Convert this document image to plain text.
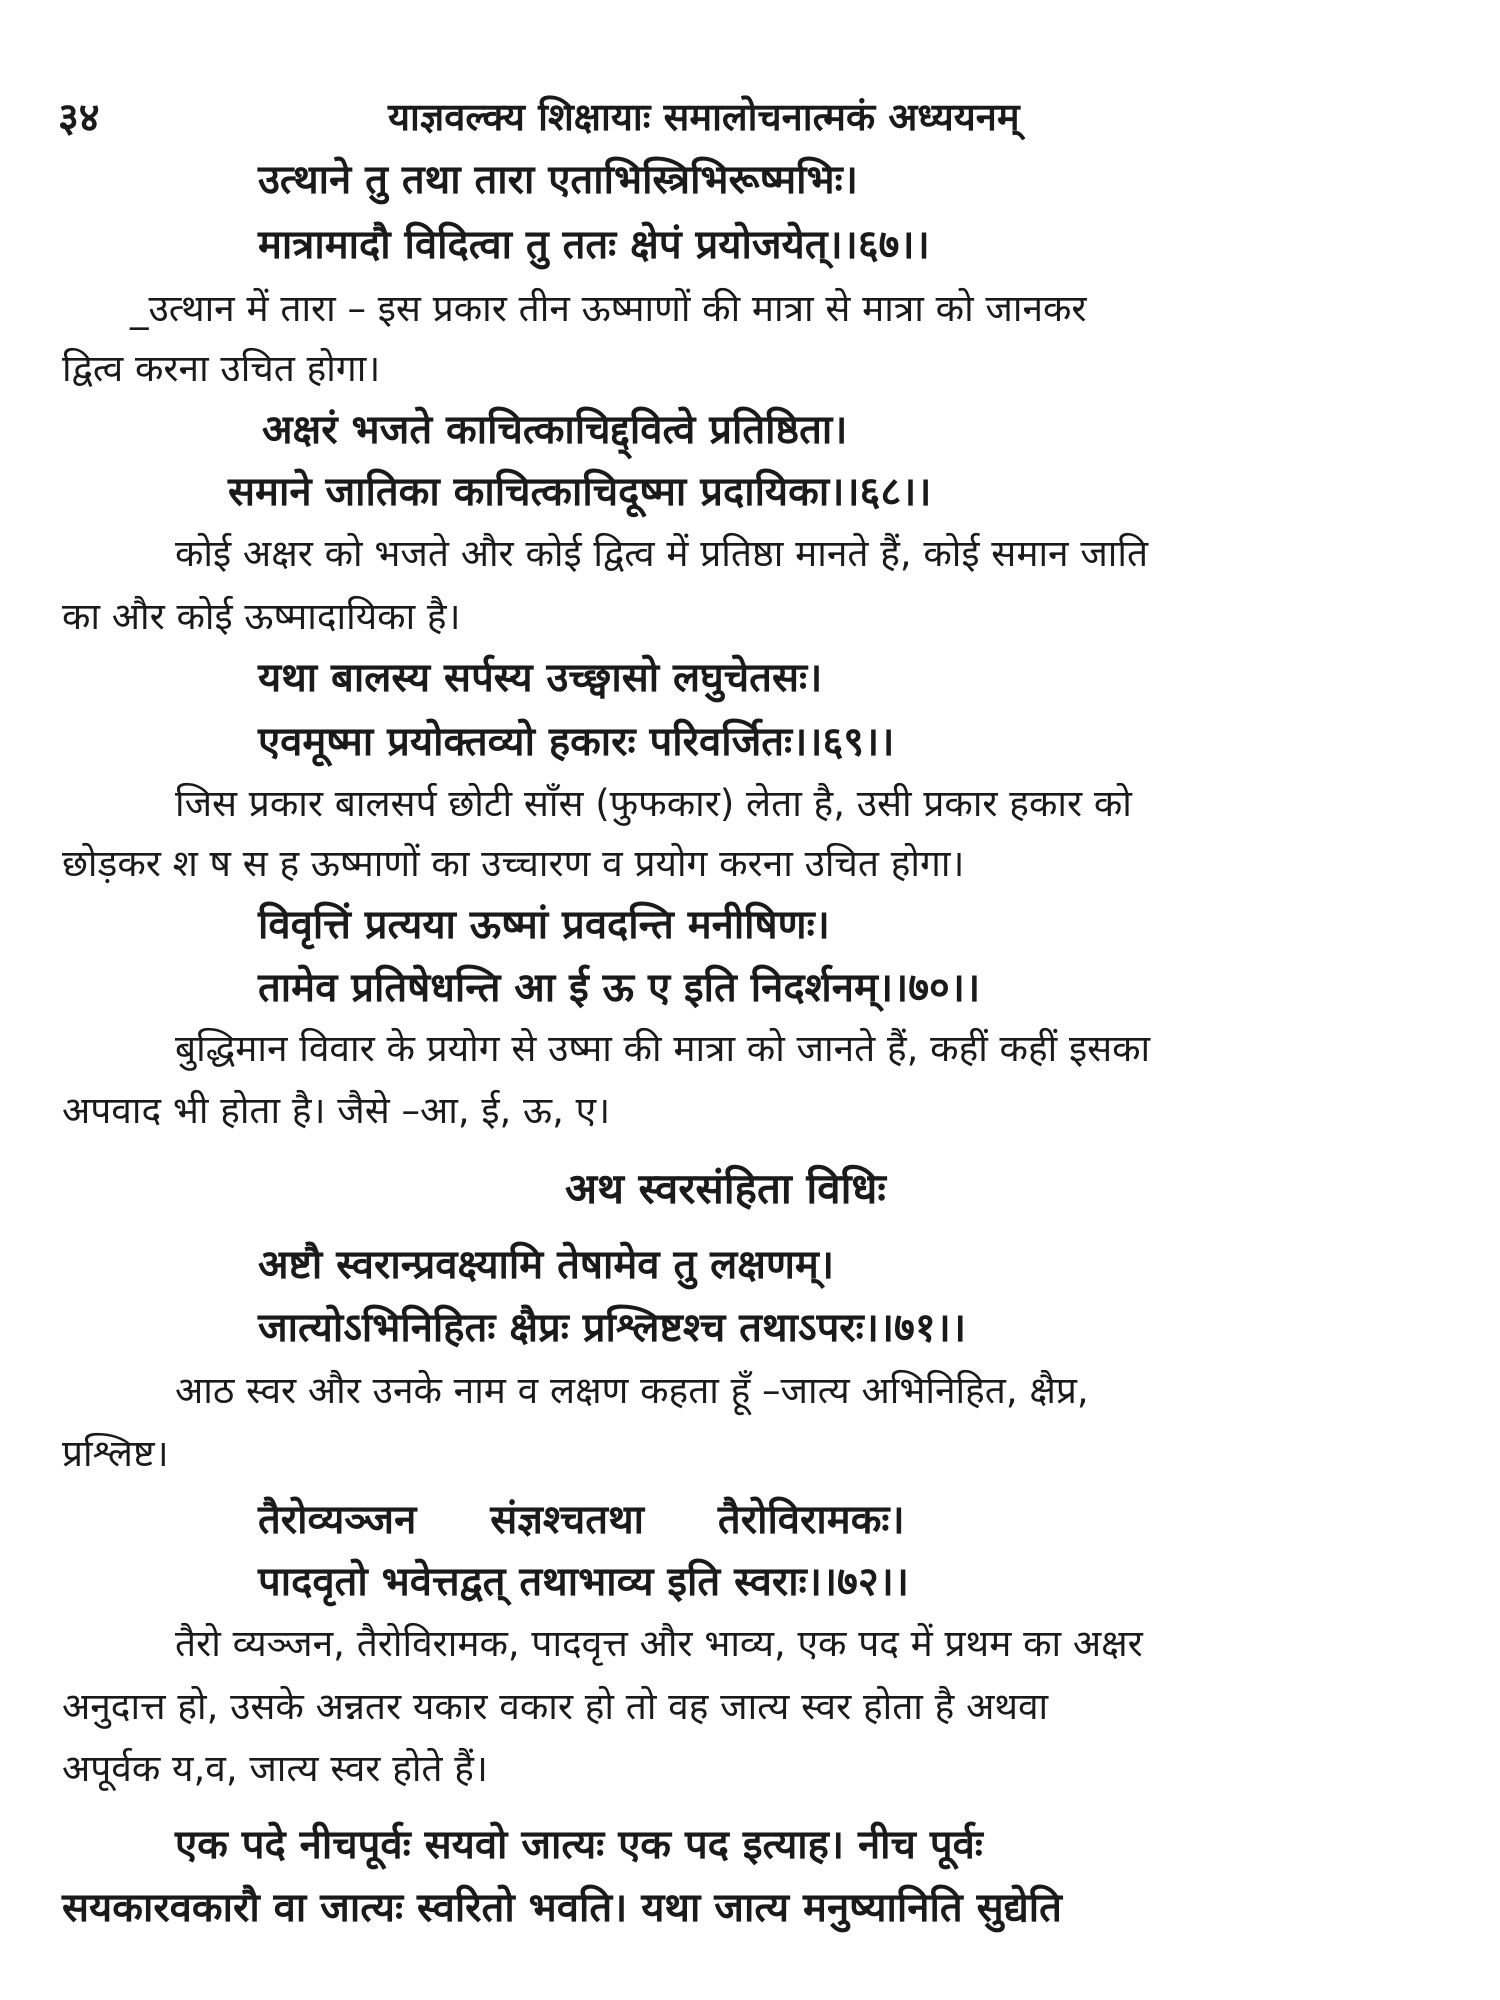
३४	याज्ञवल्क्य शिक्षायाः समालोचनात्मकं अध्ययनम्
उत्थाने तु तथा तारा एताभिस्त्रिभिरूष्मभिः।
मात्रामादौ विदित्वा तु ततः क्षेपं प्रयोजयेत्।।६७।।
_उत्थान में तारा – इस प्रकार तीन ऊष्माणों की मात्रा से मात्रा को जानकर
द्वित्व करना उचित होगा।
अक्षरं भजते काचित्काचिद्द्वित्वे प्रतिष्ठिता।
समाने जातिका काचित्काचिदूष्मा प्रदायिका।।६८।।
कोई अक्षर को भजते और कोई द्वित्व में प्रतिष्ठा मानते हैं, कोई समान जाति
का और कोई ऊष्मादायिका है।
यथा बालस्य सर्पस्य उच्छ्वासो लघुचेतसः।
एवमूष्मा प्रयोक्तव्यो हकारः परिवर्जितः।।६९।।
जिस प्रकार बालसर्प छोटी साँस (फुफकार) लेता है, उसी प्रकार हकार को
छोड़कर श ष स ह ऊष्माणों का उच्चारण व प्रयोग करना उचित होगा।
विवृत्तिं प्रत्यया ऊष्मां प्रवदन्ति मनीषिणः।
तामेव प्रतिषेधन्ति आ ई ऊ ए इति निदर्शनम्।।७०।।
बुद्धिमान विवार के प्रयोग से उष्मा की मात्रा को जानते हैं, कहीं कहीं इसका
अपवाद भी होता है। जैसे –आ, ई, ऊ, ए।
अथ स्वरसंहिता विधिः
अष्टौ स्वरान्प्रवक्ष्यामि तेषामेव तु लक्षणम्।
जात्योऽभिनिहितः क्षैप्रः प्रश्लिष्टश्च तथाऽपरः।।७१।।
आठ स्वर और उनके नाम व लक्षण कहता हूँ –जात्य अभिनिहित, क्षैप्र,
प्रश्लिष्ट।
तैरोव्यञ्जन संज्ञश्चतथा तैरोविरामकः।
पादवृतो भवेत्तद्वत् तथाभाव्य इति स्वराः।।७२।।
तैरो व्यञ्जन, तैरोविरामक, पादवृत्त और भाव्य, एक पद में प्रथम का अक्षर
अनुदात्त हो, उसके अन्नतर यकार वकार हो तो वह जात्य स्वर होता है अथवा
अपूर्वक य,व, जात्य स्वर होते हैं।
एक पदे नीचपूर्वः सयवो जात्यः एक पद इत्याह। नीच पूर्वः
सयकारवकारौ वा जात्यः स्वरितो भवति। यथा जात्य मनुष्यानिति सुद्येति
